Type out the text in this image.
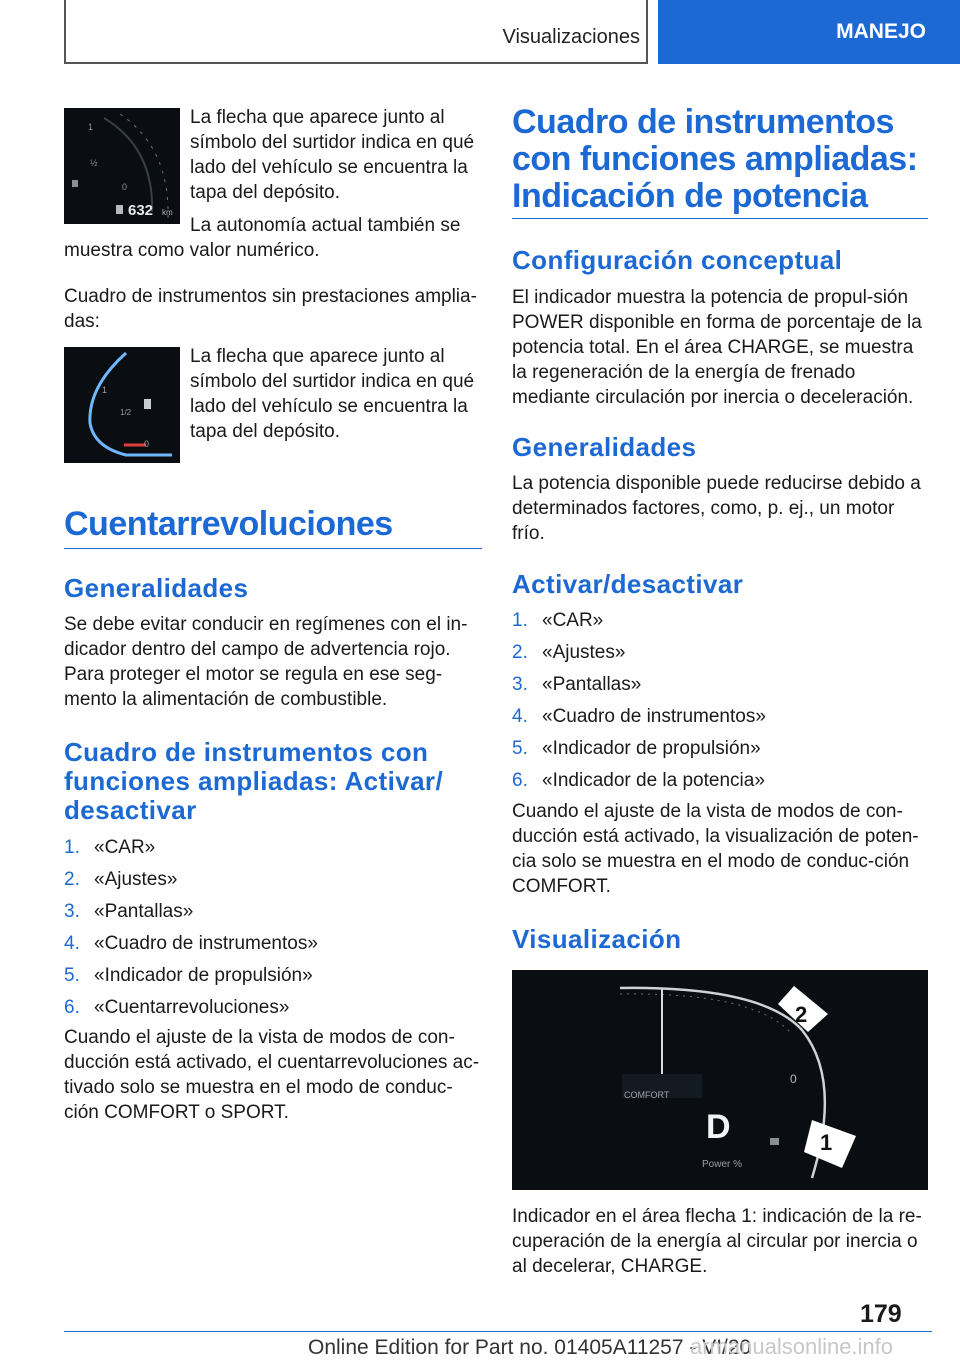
Visualizaciones	MANEJO
1
½
0
632 km
La flecha que aparece junto al símbolo del surtidor indica en qué lado del vehículo se encuentra la tapa del depósito.
La autonomía actual también se
muestra como valor numérico.
Cuadro de instrumentos sin prestaciones amplia-das:
1
1/2
0
La flecha que aparece junto al símbolo del surtidor indica en qué lado del vehículo se encuentra la tapa del depósito.
Cuentarrevoluciones
Generalidades
Se debe evitar conducir en regímenes con el in-dicador dentro del campo de advertencia rojo. Para proteger el motor se regula en ese seg-mento la alimentación de combustible.
Cuadro de instrumentos con funciones ampliadas: Activar/ desactivar
1. «CAR»
2. «Ajustes»
3. «Pantallas»
4. «Cuadro de instrumentos»
5. «Indicador de propulsión»
6. «Cuentarrevoluciones»
Cuando el ajuste de la vista de modos de con-ducción está activado, el cuentarrevoluciones ac-tivado solo se muestra en el modo de conduc-ción COMFORT o SPORT.
Cuadro de instrumentos con funciones ampliadas: Indicación de potencia
Configuración conceptual
El indicador muestra la potencia de propul-sión POWER disponible en forma de porcentaje de la potencia total. En el área CHARGE, se muestra la regeneración de la energía de frenado mediante circulación por inercia o deceleración.
Generalidades
La potencia disponible puede reducirse debido a determinados factores, como, p. ej., un motor frío.
Activar/desactivar
1. «CAR»
2. «Ajustes»
3. «Pantallas»
4. «Cuadro de instrumentos»
5. «Indicador de propulsión»
6. «Indicador de la potencia»
Cuando el ajuste de la vista de modos de con-ducción está activado, la visualización de poten-cia solo se muestra en el modo de conduc-ción COMFORT.
Visualización
COMFORT
D
0
Power %
2
1
Indicador en el área flecha 1: indicación de la re-cuperación de la energía al circular por inercia o al decelerar, CHARGE.
179
Online Edition for Part no. 01405A11257 - VI/20
armanualsonline.info
